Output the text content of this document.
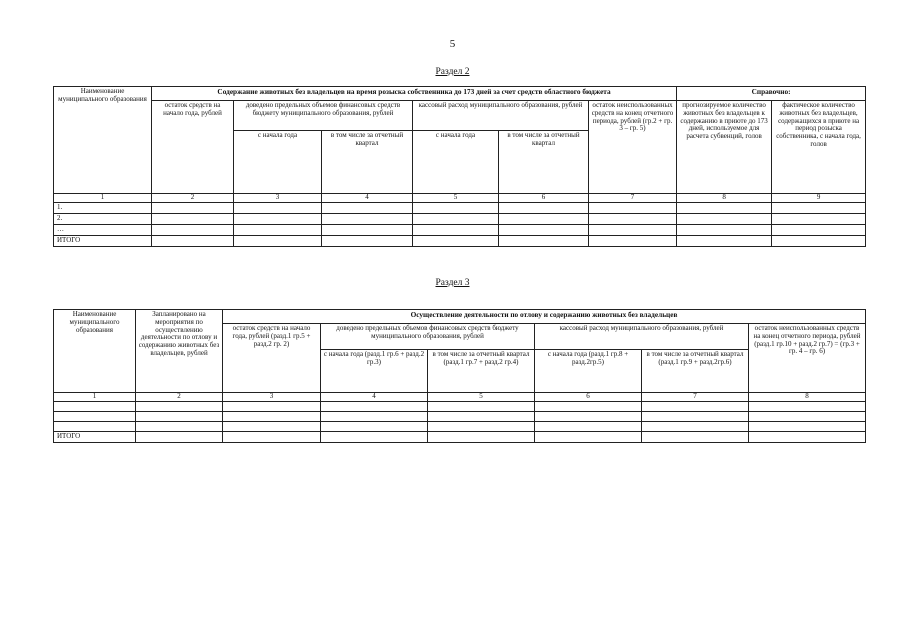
5
Раздел 2
Наименование муниципального образования	Содержание животных без владельцев на время розыска собственника до 173 дней за счет средств областного бюджета						Справочно:	
	остаток средств на начало года, рублей	доведено предельных объемов финансовых средств бюджету муниципального образования, рублей		кассовый расход муниципального образования, рублей		остаток неиспользованных средств на конец отчетного периода, рублей (гр.2 + гр. 3 – гр. 5)	прогнозируемое количество животных без владельцев к содержанию в приюте до 173 дней, используемое для расчета субвенций, голов	фактическое количество животных без владельцев, содержащихся в приюте на период розыска собственника, с начала года, голов
		с начала года	в том числе за отчетный квартал	с начала года	в том числе за отчетный квартал			
1	2	3	4	5	6	7	8	9
1.								
2.								
…								
ИТОГО								
Раздел 3
Наименование муниципального образования	Запланировано на мероприятия по осуществлению деятельности по отлову и содержанию животных без владельцев, рублей	Осуществление деятельности по отлову и содержанию животных без владельцев					
		остаток средств на начало года, рублей (разд.1 гр.5 + разд.2 гр. 2)	доведено предельных объемов финансовых средств бюджету муниципального образования, рублей		кассовый расход муниципального образования, рублей		остаток неиспользованных средств на конец отчетного периода, рублей (разд.1 гр.10 + разд.2 гр.7) = (гр.3 + гр. 4 – гр. 6)
			с начала года (разд.1 гр.6 + разд.2 гр.3)	в том числе за отчетный квартал (разд.1 гр.7 + разд.2 гр.4)	с начала года (разд.1 гр.8 + разд.2гр.5)	в том числе за отчетный квартал (разд.1 гр.9 + разд.2гр.6)	
1	2	3	4	5	6	7	8

ИТОГО							
